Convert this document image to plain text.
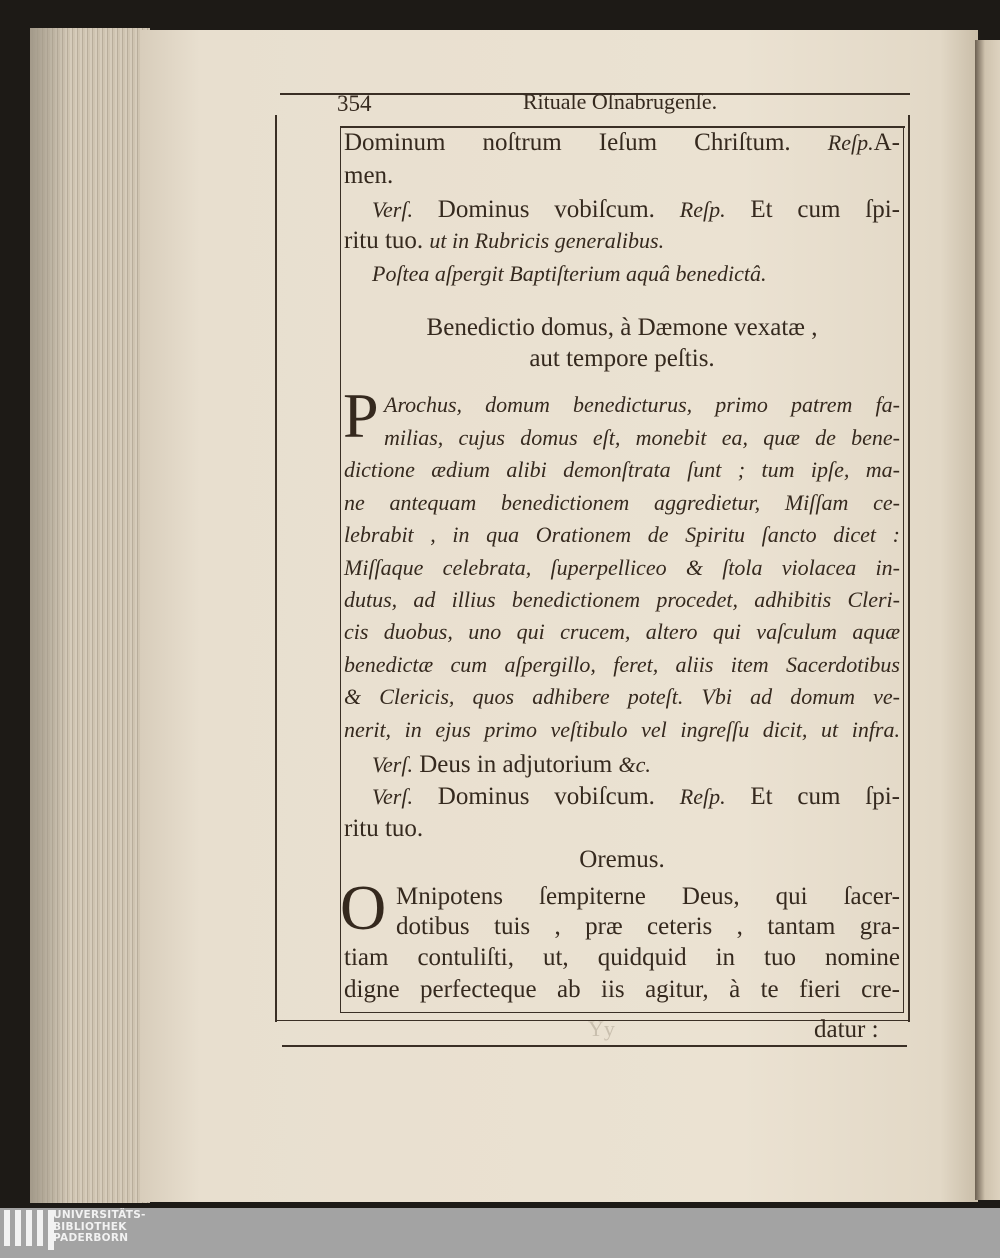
354	Rituale Oſnabrugenſe.
P
O
Dominum noſtrum Ieſum Chriſtum. Reſp.A-
men.
Verſ. Dominus vobiſcum. Reſp. Et cum ſpi-
ritu tuo. ut in Rubricis generalibus.
Poſtea aſpergit Baptiſterium aquâ benedictâ.
Benedictio domus, à Dæmone vexatæ ,
aut tempore peſtis.
Arochus, domum benedicturus, primo patrem fa-
milias, cujus domus eſt, monebit ea, quæ de bene-
dictione ædium alibi demonſtrata ſunt ; tum ipſe, ma-
ne antequam benedictionem aggredietur, Miſſam ce-
lebrabit , in qua Orationem de Spiritu ſancto dicet :
Miſſaque celebrata, ſuperpelliceo & ſtola violacea in-
dutus, ad illius benedictionem procedet, adhibitis Cleri-
cis duobus, uno qui crucem, altero qui vaſculum aquæ
benedictæ cum aſpergillo, feret, aliis item Sacerdotibus
& Clericis, quos adhibere poteſt. Vbi ad domum ve-
nerit, in ejus primo veſtibulo vel ingreſſu dicit, ut infra.
Verſ. Deus in adjutorium &c.
Verſ. Dominus vobiſcum. Reſp. Et cum ſpi-
ritu tuo.
Oremus.
Mnipotens ſempiterne Deus, qui ſacer-
dotibus tuis , præ ceteris , tantam gra-
tiam contuliſti, ut, quidquid in tuo nomine
digne perfecteque ab iis agitur, à te fieri cre-
Yy	datur :
UNIVERSITÄTS-
BIBLIOTHEK
PADERBORN
